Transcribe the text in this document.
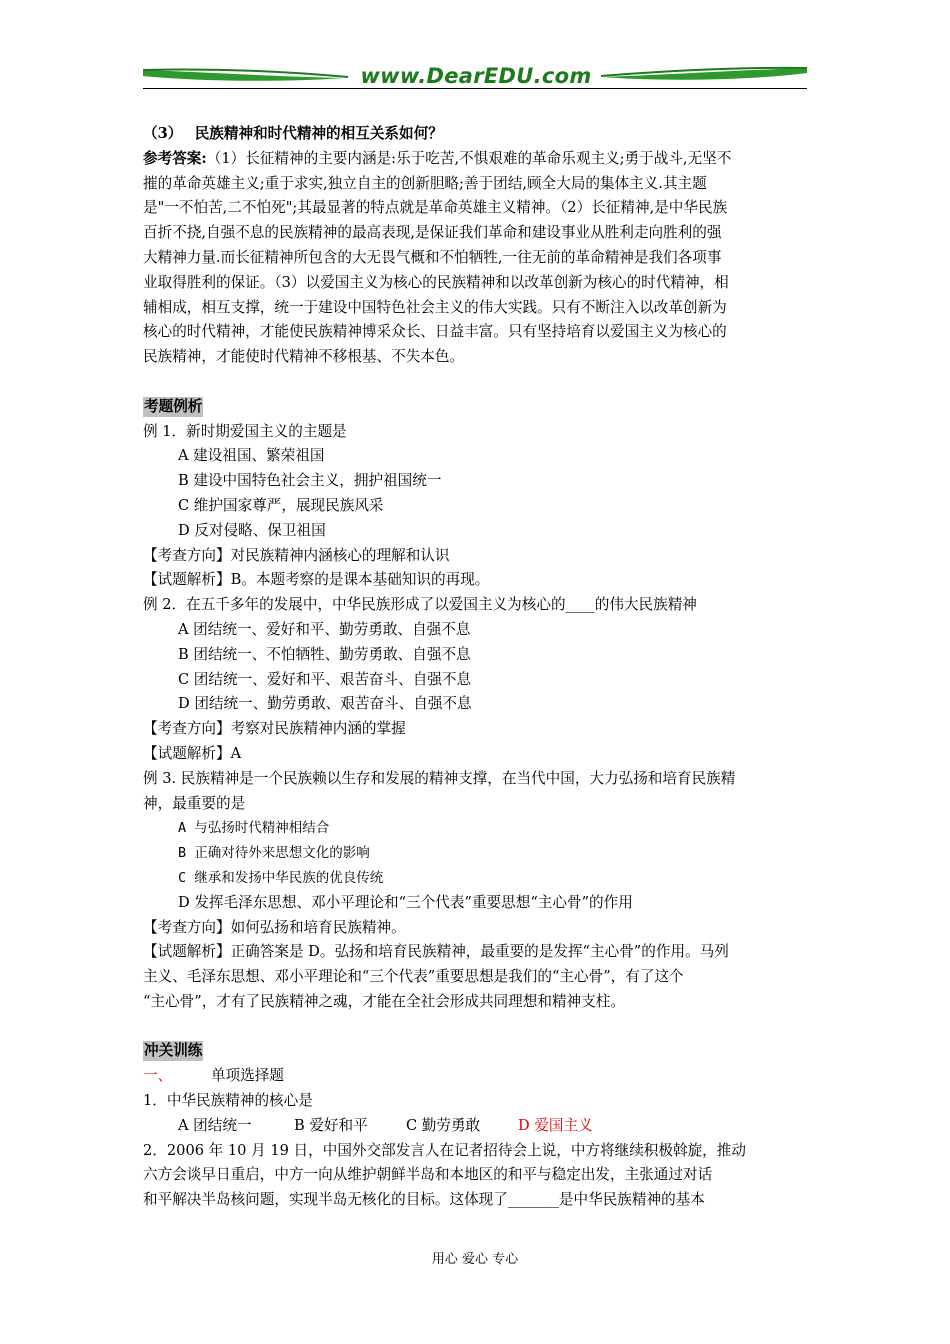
www.DearEDU.com
（3）　 民族精神和时代精神的相互关系如何？
参考答案:（1）长征精神的主要内涵是:乐于吃苦,不惧艰难的革命乐观主义;勇于战斗,无坚不
摧的革命英雄主义;重于求实,独立自主的创新胆略;善于团结,顾全大局的集体主义.其主题
是"一不怕苦,二不怕死";其最显著的特点就是革命英雄主义精神。（2）长征精神,是中华民族
百折不挠,自强不息的民族精神的最高表现,是保证我们革命和建设事业从胜利走向胜利的强
大精神力量.而长征精神所包含的大无畏气概和不怕牺牲,一往无前的革命精神是我们各项事
业取得胜利的保证。（3）以爱国主义为核心的民族精神和以改革创新为核心的时代精神，相
辅相成，相互支撑，统一于建设中国特色社会主义的伟大实践。只有不断注入以改革创新为
核心的时代精神，才能使民族精神博采众长、日益丰富。只有坚持培育以爱国主义为核心的
民族精神，才能使时代精神不移根基、不失本色。
考题例析
例 1．新时期爱国主义的主题是
A 建设祖国、繁荣祖国
B 建设中国特色社会主义，拥护祖国统一
C 维护国家尊严，展现民族风采
D 反对侵略、保卫祖国
【考查方向】对民族精神内涵核心的理解和认识
【试题解析】B。本题考察的是课本基础知识的再现。
例 2．在五千多年的发展中，中华民族形成了以爱国主义为核心的____的伟大民族精神
A 团结统一、爱好和平、勤劳勇敢、自强不息
B 团结统一、不怕牺牲、勤劳勇敢、自强不息
C 团结统一、爱好和平、艰苦奋斗、自强不息
D 团结统一、勤劳勇敢、艰苦奋斗、自强不息
【考查方向】考察对民族精神内涵的掌握
【试题解析】A
例 3. 民族精神是一个民族赖以生存和发展的精神支撑，在当代中国，大力弘扬和培育民族精
神，最重要的是
A 与弘扬时代精神相结合
B 正确对待外来思想文化的影响
C 继承和发扬中华民族的优良传统
D 发挥毛泽东思想、邓小平理论和“三个代表”重要思想“主心骨”的作用
【考查方向】如何弘扬和培育民族精神。
【试题解析】正确答案是 D。弘扬和培育民族精神，最重要的是发挥“主心骨”的作用。马列
主义、毛泽东思想、邓小平理论和“三个代表”重要思想是我们的“主心骨”，有了这个
“主心骨”，才有了民族精神之魂，才能在全社会形成共同理想和精神支柱。
冲关训练
一、	单项选择题
1．中华民族精神的核心是
A 团结统一	B 爱好和平	C 勤劳勇敢	D 爱国主义
2．2006 年 10 月 19 日，中国外交部发言人在记者招待会上说，中方将继续积极斡旋，推动
六方会谈早日重启，中方一向从维护朝鲜半岛和本地区的和平与稳定出发，主张通过对话
和平解决半岛核问题，实现半岛无核化的目标。这体现了_______是中华民族精神的基本
用心 爱心 专心
